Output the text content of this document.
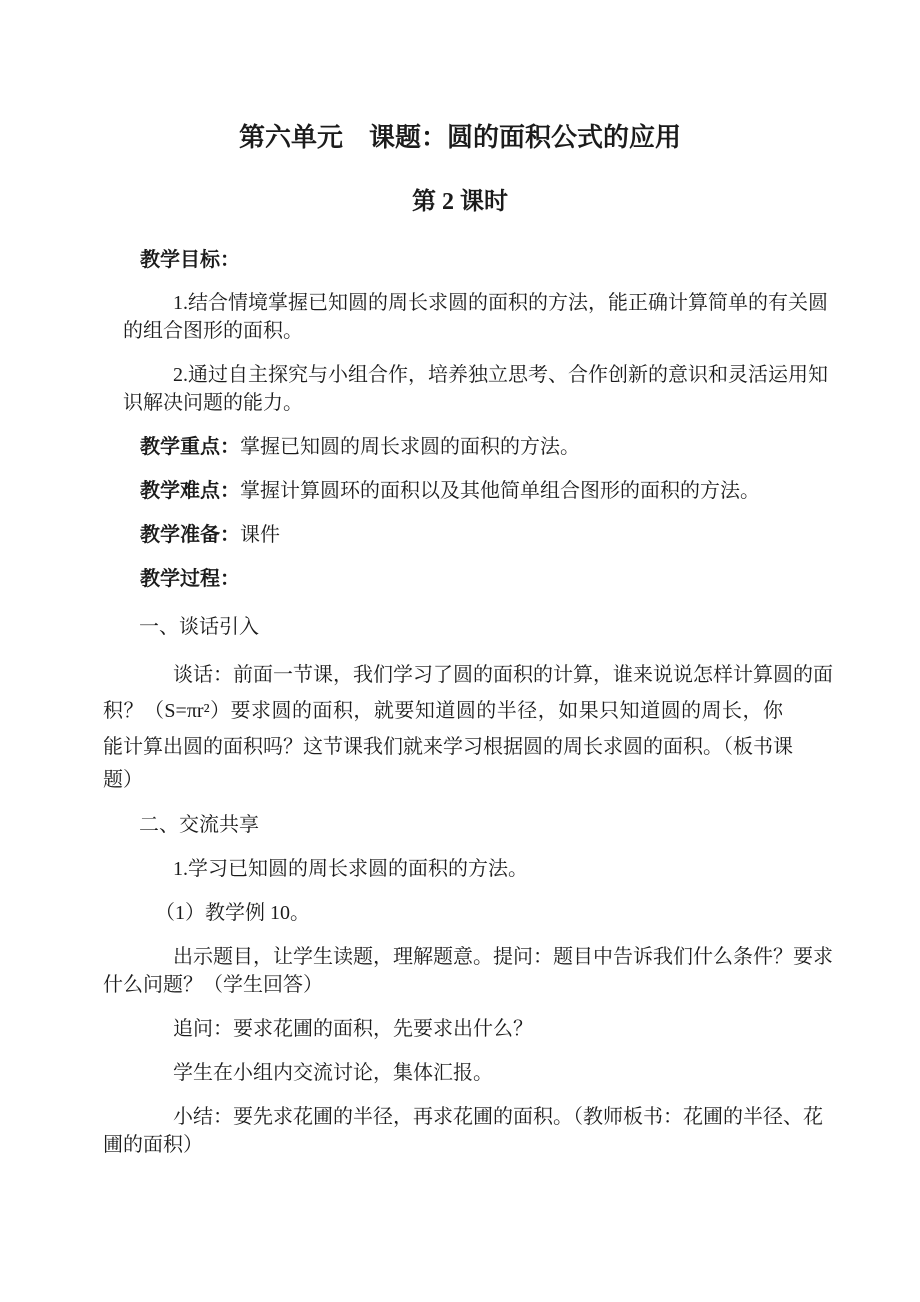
第六单元　课题：圆的面积公式的应用
第 2 课时
教学目标：
1.结合情境掌握已知圆的周长求圆的面积的方法，能正确计算简单的有关圆
的组合图形的面积。
2.通过自主探究与小组合作，培养独立思考、合作创新的意识和灵活运用知
识解决问题的能力。
教学重点：掌握已知圆的周长求圆的面积的方法。
教学难点：掌握计算圆环的面积以及其他简单组合图形的面积的方法。
教学准备：课件
教学过程：
一、谈话引入
谈话：前面一节课，我们学习了圆的面积的计算，谁来说说怎样计算圆的面
积？（S=πr²）要求圆的面积，就要知道圆的半径，如果只知道圆的周长，你
能计算出圆的面积吗？这节课我们就来学习根据圆的周长求圆的面积。（板书课
题）
二、交流共享
1.学习已知圆的周长求圆的面积的方法。
（1）教学例 10。
出示题目，让学生读题，理解题意。提问：题目中告诉我们什么条件？要求
什么问题？（学生回答）
追问：要求花圃的面积，先要求出什么？
学生在小组内交流讨论，集体汇报。
小结：要先求花圃的半径，再求花圃的面积。（教师板书：花圃的半径、花
圃的面积）
